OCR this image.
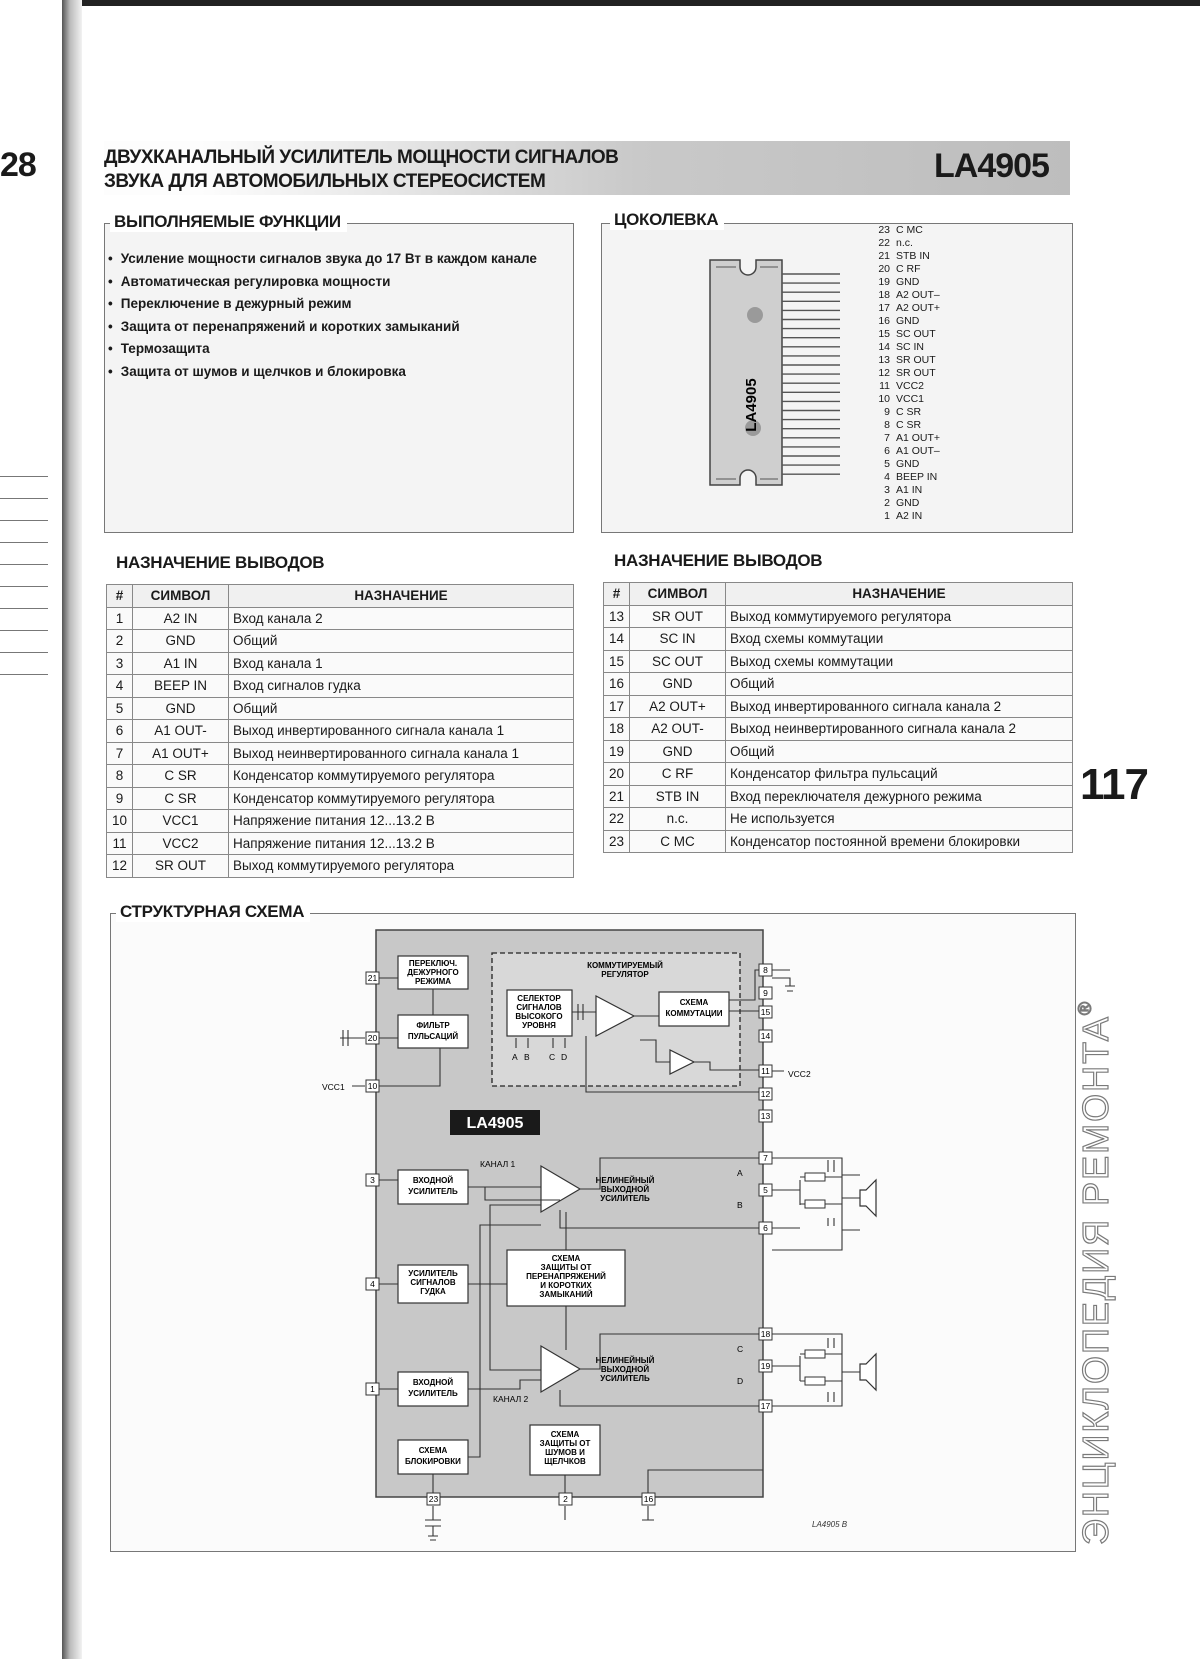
28	ДВУХКАНАЛЬНЫЙ УСИЛИТЕЛЬ МОЩНОСТИ СИГНАЛОВ
ЗВУКА ДЛЯ АВТОМОБИЛЬНЫХ СТЕРЕОСИСТЕМ	LA4905
ВЫПОЛНЯЕМЫЕ ФУНКЦИИ
• Усиление мощности сигналов звука до 17 Вт в каждом канале
• Автоматическая регулировка мощности
• Переключение в дежурный режим
• Защита от перенапряжений и коротких замыканий
• Термозащита
• Защита от шумов и щелчков и блокировка
ЦОКОЛЕВКА
LA4905
23 C MC
22 n.c.
21 STB IN
20 C RF
19 GND
18 A2 OUT–
17 A2 OUT+
16 GND
15 SC OUT
14 SC IN
13 SR OUT
12 SR OUT
11 VCC2
10 VCC1
9 C SR
8 C SR
7 A1 OUT+
6 A1 OUT–
5 GND
4 BEEP IN
3 A1 IN
2 GND
1 A2 IN
НАЗНАЧЕНИЕ ВЫВОДОВ
#	СИМВОЛ	НАЗНАЧЕНИЕ
1	A2 IN	Вход канала 2
2	GND	Общий
3	A1 IN	Вход канала 1
4	BEEP IN	Вход сигналов гудка
5	GND	Общий
6	A1 OUT-	Выход инвертированного сигнала канала 1
7	A1 OUT+	Выход неинвертированного сигнала канала 1
8	C SR	Конденсатор коммутируемого регулятора
9	C SR	Конденсатор коммутируемого регулятора
10	VCC1	Напряжение питания 12...13.2 В
11	VCC2	Напряжение питания 12...13.2 В
12	SR OUT	Выход коммутируемого регулятора
НАЗНАЧЕНИЕ ВЫВОДОВ
#	СИМВОЛ	НАЗНАЧЕНИЕ
13	SR OUT	Выход коммутируемого регулятора
14	SC IN	Вход схемы коммутации
15	SC OUT	Выход схемы коммутации
16	GND	Общий
17	A2 OUT+	Выход инвертированного сигнала канала 2
18	A2 OUT-	Выход неинвертированного сигнала канала 2
19	GND	Общий
20	C RF	Конденсатор фильтра пульсаций
21	STB IN	Вход переключателя дежурного режима
22	n.c.	Не используется
23	C MC	Конденсатор постоянной времени блокировки
СТРУКТУРНАЯ СХЕМА
ПЕРЕКЛЮЧ. ДЕЖУРНОГО РЕЖИМА
ФИЛЬТР ПУЛЬСАЦИЙ
КОММУТИРУЕМЫЙ РЕГУЛЯТОР
СЕЛЕКТОР СИГНАЛОВ ВЫСОКОГО УРОВНЯ
A B C D
СХЕМА КОММУТАЦИИ
LA4905
ВХОДНОЙ УСИЛИТЕЛЬ
КАНАЛ 1
НЕЛИНЕЙНЫЙ ВЫХОДНОЙ УСИЛИТЕЛЬ
УСИЛИТЕЛЬ СИГНАЛОВ ГУДКА
СХЕМА ЗАЩИТЫ ОТ ПЕРЕНАПРЯЖЕНИЙ И КОРОТКИХ ЗАМЫКАНИЙ
ВХОДНОЙ УСИЛИТЕЛЬ
КАНАЛ 2
НЕЛИНЕЙНЫЙ ВЫХОДНОЙ УСИЛИТЕЛЬ
СХЕМА БЛОКИРОВКИ
СХЕМА ЗАЩИТЫ ОТ ШУМОВ И ЩЕЛЧКОВ
21
20
10
3
4
1
8
9
15
14
11
12
13
7
5
6
18
19
17
23	2	16
VCC1
VCC2
A
B
C
D
LA4905 B
117
ЭНЦИКЛОПЕДИЯ РЕМОНТА®
